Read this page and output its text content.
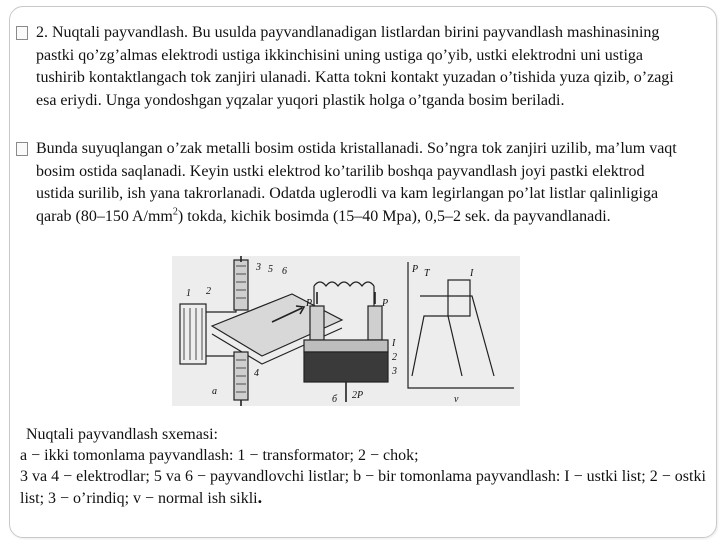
2. Nuqtali payvandlash. Bu usulda payvandlanadigan listlardan birini payvandlash mashinasining pastki qo’zg’almas elektrodi ustiga ikkinchisini uning ustiga qo’yib, ustki elektrodni uni ustiga tushirib kontaktlangach tok zanjiri ulanadi. Katta tokni kontakt yuzadan o’tishida yuza qizib, o’zagi esa eriydi. Unga yondoshgan yqzalar yuqori plastik holga o’tganda bosim beriladi.
Bunda suyuqlangan o’zak metalli bosim ostida kristallanadi. So’ngra tok zanjiri uzilib, ma’lum vaqt bosim ostida saqlanadi. Keyin ustki elektrod ko’tarilib boshqa payvandlash joyi pastki elektrod ustida surilib, ish yana takrorlanadi. Odatda uglerodli va kam legirlangan po’lat listlar qalinligiga qarab (80–150 $A/mm^2$) tokda, kichik bosimda (15–40 Mpa), 0,5–2 sek. da payvandlanadi.
1 2
3 5 6
4
a
P	P
I
2
3
2P
б
P T	I
v
Nuqtali payvandlash sxemasi:
a − ikki tomonlama payvandlash: 1 − transformator; 2 − chok;
3 va 4 − elektrodlar; 5 va 6 − payvandlovchi listlar; b − bir tomonlama payvandlash: I − ustki list; 2 − ostki list; 3 − o’rindiq; v − normal ish sikli.
